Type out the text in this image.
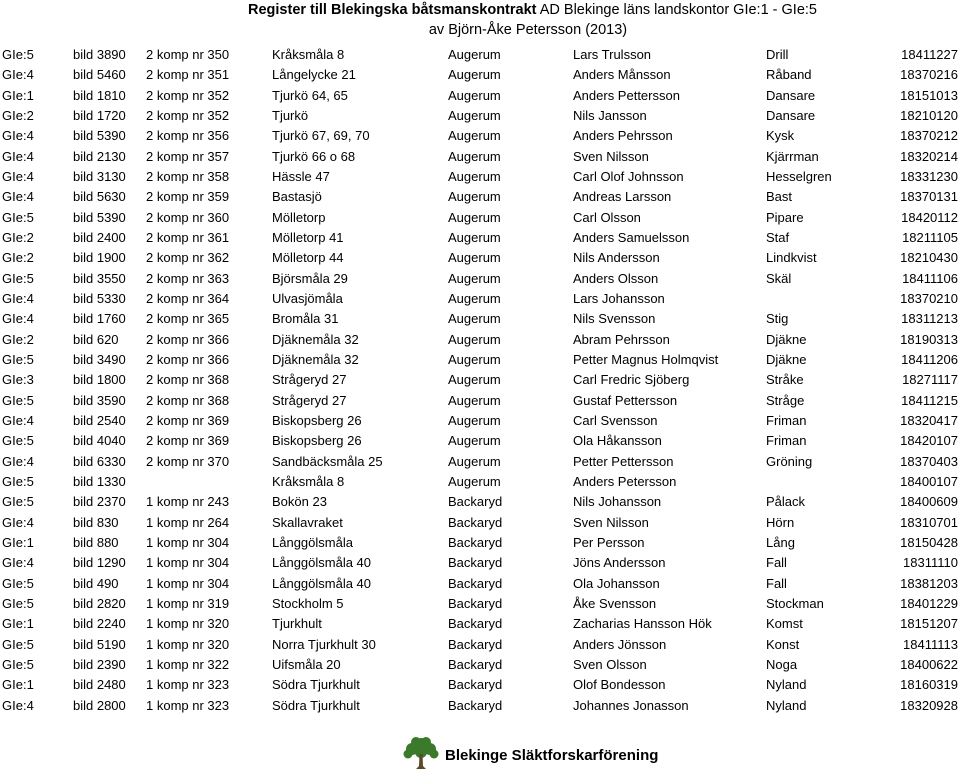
Register till Blekingska båtsmanskontrakt AD Blekinge läns landskontor GIe:1 - GIe:5
av Björn-Åke Petersson (2013)
GIe:5	bild 3890	2 komp nr 350	Kråksmåla 8	Augerum	Lars Trulsson	Drill	18411227
GIe:4	bild 5460	2 komp nr 351	Långelycke 21	Augerum	Anders Månsson	Råband	18370216
GIe:1	bild 1810	2 komp nr 352	Tjurkö 64, 65	Augerum	Anders Pettersson	Dansare	18151013
GIe:2	bild 1720	2 komp nr 352	Tjurkö	Augerum	Nils Jansson	Dansare	18210120
GIe:4	bild 5390	2 komp nr 356	Tjurkö 67, 69, 70	Augerum	Anders Pehrsson	Kysk	18370212
GIe:4	bild 2130	2 komp nr 357	Tjurkö 66 o 68	Augerum	Sven Nilsson	Kjärrman	18320214
GIe:4	bild 3130	2 komp nr 358	Hässle 47	Augerum	Carl Olof Johnsson	Hesselgren	18331230
GIe:4	bild 5630	2 komp nr 359	Bastasjö	Augerum	Andreas Larsson	Bast	18370131
GIe:5	bild 5390	2 komp nr 360	Mölletorp	Augerum	Carl Olsson	Pipare	18420112
GIe:2	bild 2400	2 komp nr 361	Mölletorp 41	Augerum	Anders Samuelsson	Staf	18211105
GIe:2	bild 1900	2 komp nr 362	Mölletorp 44	Augerum	Nils Andersson	Lindkvist	18210430
GIe:5	bild 3550	2 komp nr 363	Björsmåla 29	Augerum	Anders Olsson	Skäl	18411106
GIe:4	bild 5330	2 komp nr 364	Ulvasjömåla	Augerum	Lars Johansson		18370210
GIe:4	bild 1760	2 komp nr 365	Bromåla 31	Augerum	Nils Svensson	Stig	18311213
GIe:2	bild 620	2 komp nr 366	Djäknemåla 32	Augerum	Abram Pehrsson	Djäkne	18190313
GIe:5	bild 3490	2 komp nr 366	Djäknemåla 32	Augerum	Petter Magnus Holmqvist	Djäkne	18411206
GIe:3	bild 1800	2 komp nr 368	Strågeryd 27	Augerum	Carl Fredric Sjöberg	Stråke	18271117
GIe:5	bild 3590	2 komp nr 368	Strågeryd 27	Augerum	Gustaf Pettersson	Stråge	18411215
GIe:4	bild 2540	2 komp nr 369	Biskopsberg 26	Augerum	Carl Svensson	Friman	18320417
GIe:5	bild 4040	2 komp nr 369	Biskopsberg 26	Augerum	Ola Håkansson	Friman	18420107
GIe:4	bild 6330	2 komp nr 370	Sandbäcksmåla 25	Augerum	Petter Pettersson	Gröning	18370403
GIe:5	bild 1330		Kråksmåla 8	Augerum	Anders Petersson		18400107
GIe:5	bild 2370	1 komp nr 243	Bokön 23	Backaryd	Nils Johansson	Pålack	18400609
GIe:4	bild 830	1 komp nr 264	Skallavraket	Backaryd	Sven Nilsson	Hörn	18310701
GIe:1	bild 880	1 komp nr 304	Långgölsmåla	Backaryd	Per Persson	Lång	18150428
GIe:4	bild 1290	1 komp nr 304	Långgölsmåla 40	Backaryd	Jöns Andersson	Fall	18311110
GIe:5	bild 490	1 komp nr 304	Långgölsmåla 40	Backaryd	Ola Johansson	Fall	18381203
GIe:5	bild 2820	1 komp nr 319	Stockholm 5	Backaryd	Åke Svensson	Stockman	18401229
GIe:1	bild 2240	1 komp nr 320	Tjurkhult	Backaryd	Zacharias Hansson Hök	Komst	18151207
GIe:5	bild 5190	1 komp nr 320	Norra Tjurkhult 30	Backaryd	Anders Jönsson	Konst	18411113
GIe:5	bild 2390	1 komp nr 322	Uifsmåla 20	Backaryd	Sven Olsson	Noga	18400622
GIe:1	bild 2480	1 komp nr 323	Södra Tjurkhult	Backaryd	Olof Bondesson	Nyland	18160319
GIe:4	bild 2800	1 komp nr 323	Södra Tjurkhult	Backaryd	Johannes Jonasson	Nyland	18320928
Blekinge Släktforskarförening
